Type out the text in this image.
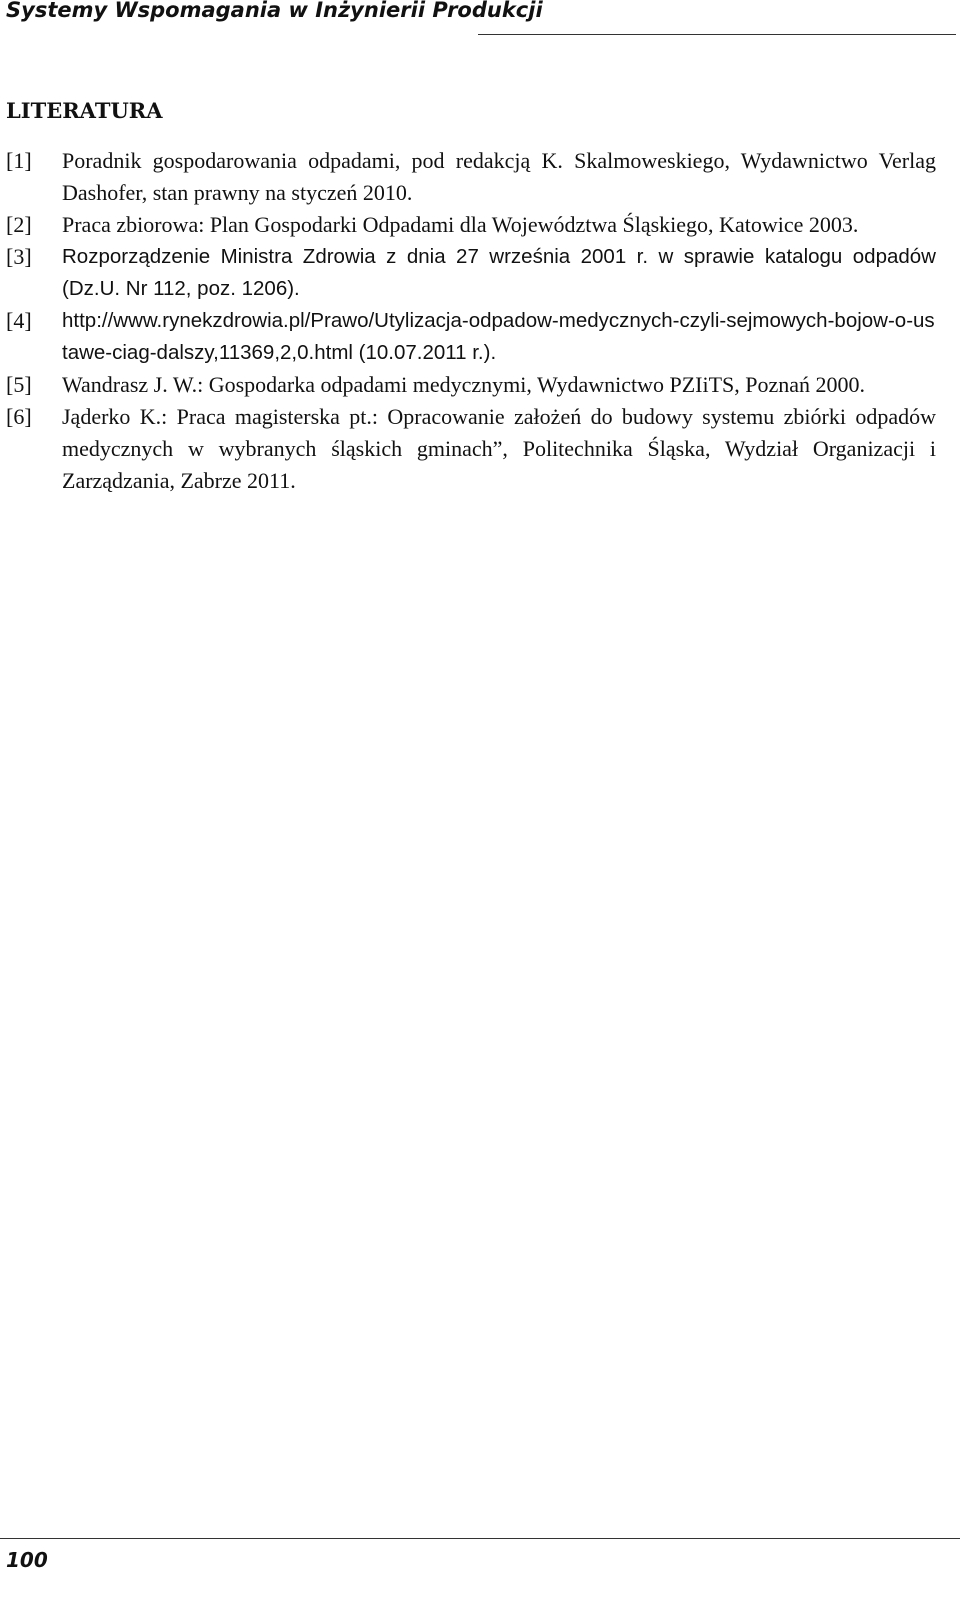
Systemy Wspomagania w Inżynierii Produkcji
LITERATURA
[1]	Poradnik gospodarowania odpadami, pod redakcją K. Skalmoweskiego, Wydawnictwo Verlag Dashofer, stan prawny na styczeń 2010.
[2]	Praca zbiorowa: Plan Gospodarki Odpadami dla Województwa Śląskiego, Katowice 2003.
[3]	Rozporządzenie Ministra Zdrowia z dnia 27 września 2001 r. w sprawie katalogu odpadów (Dz.U. Nr 112, poz. 1206).
[4]	http://www.rynekzdrowia.pl/Prawo/Utylizacja-odpadow-medycznych-czyli-sejmowych-bojow-o-ustawe-ciag-dalszy,11369,2,0.html (10.07.2011 r.).
[5]	Wandrasz J. W.: Gospodarka odpadami medycznymi, Wydawnictwo PZIiTS, Poznań 2000.
[6]	Jąderko K.: Praca magisterska pt.: Opracowanie założeń do budowy systemu zbiórki odpadów medycznych w wybranych śląskich gminach”, Politechnika Śląska, Wydział Organizacji i Zarządzania, Zabrze 2011.
100
